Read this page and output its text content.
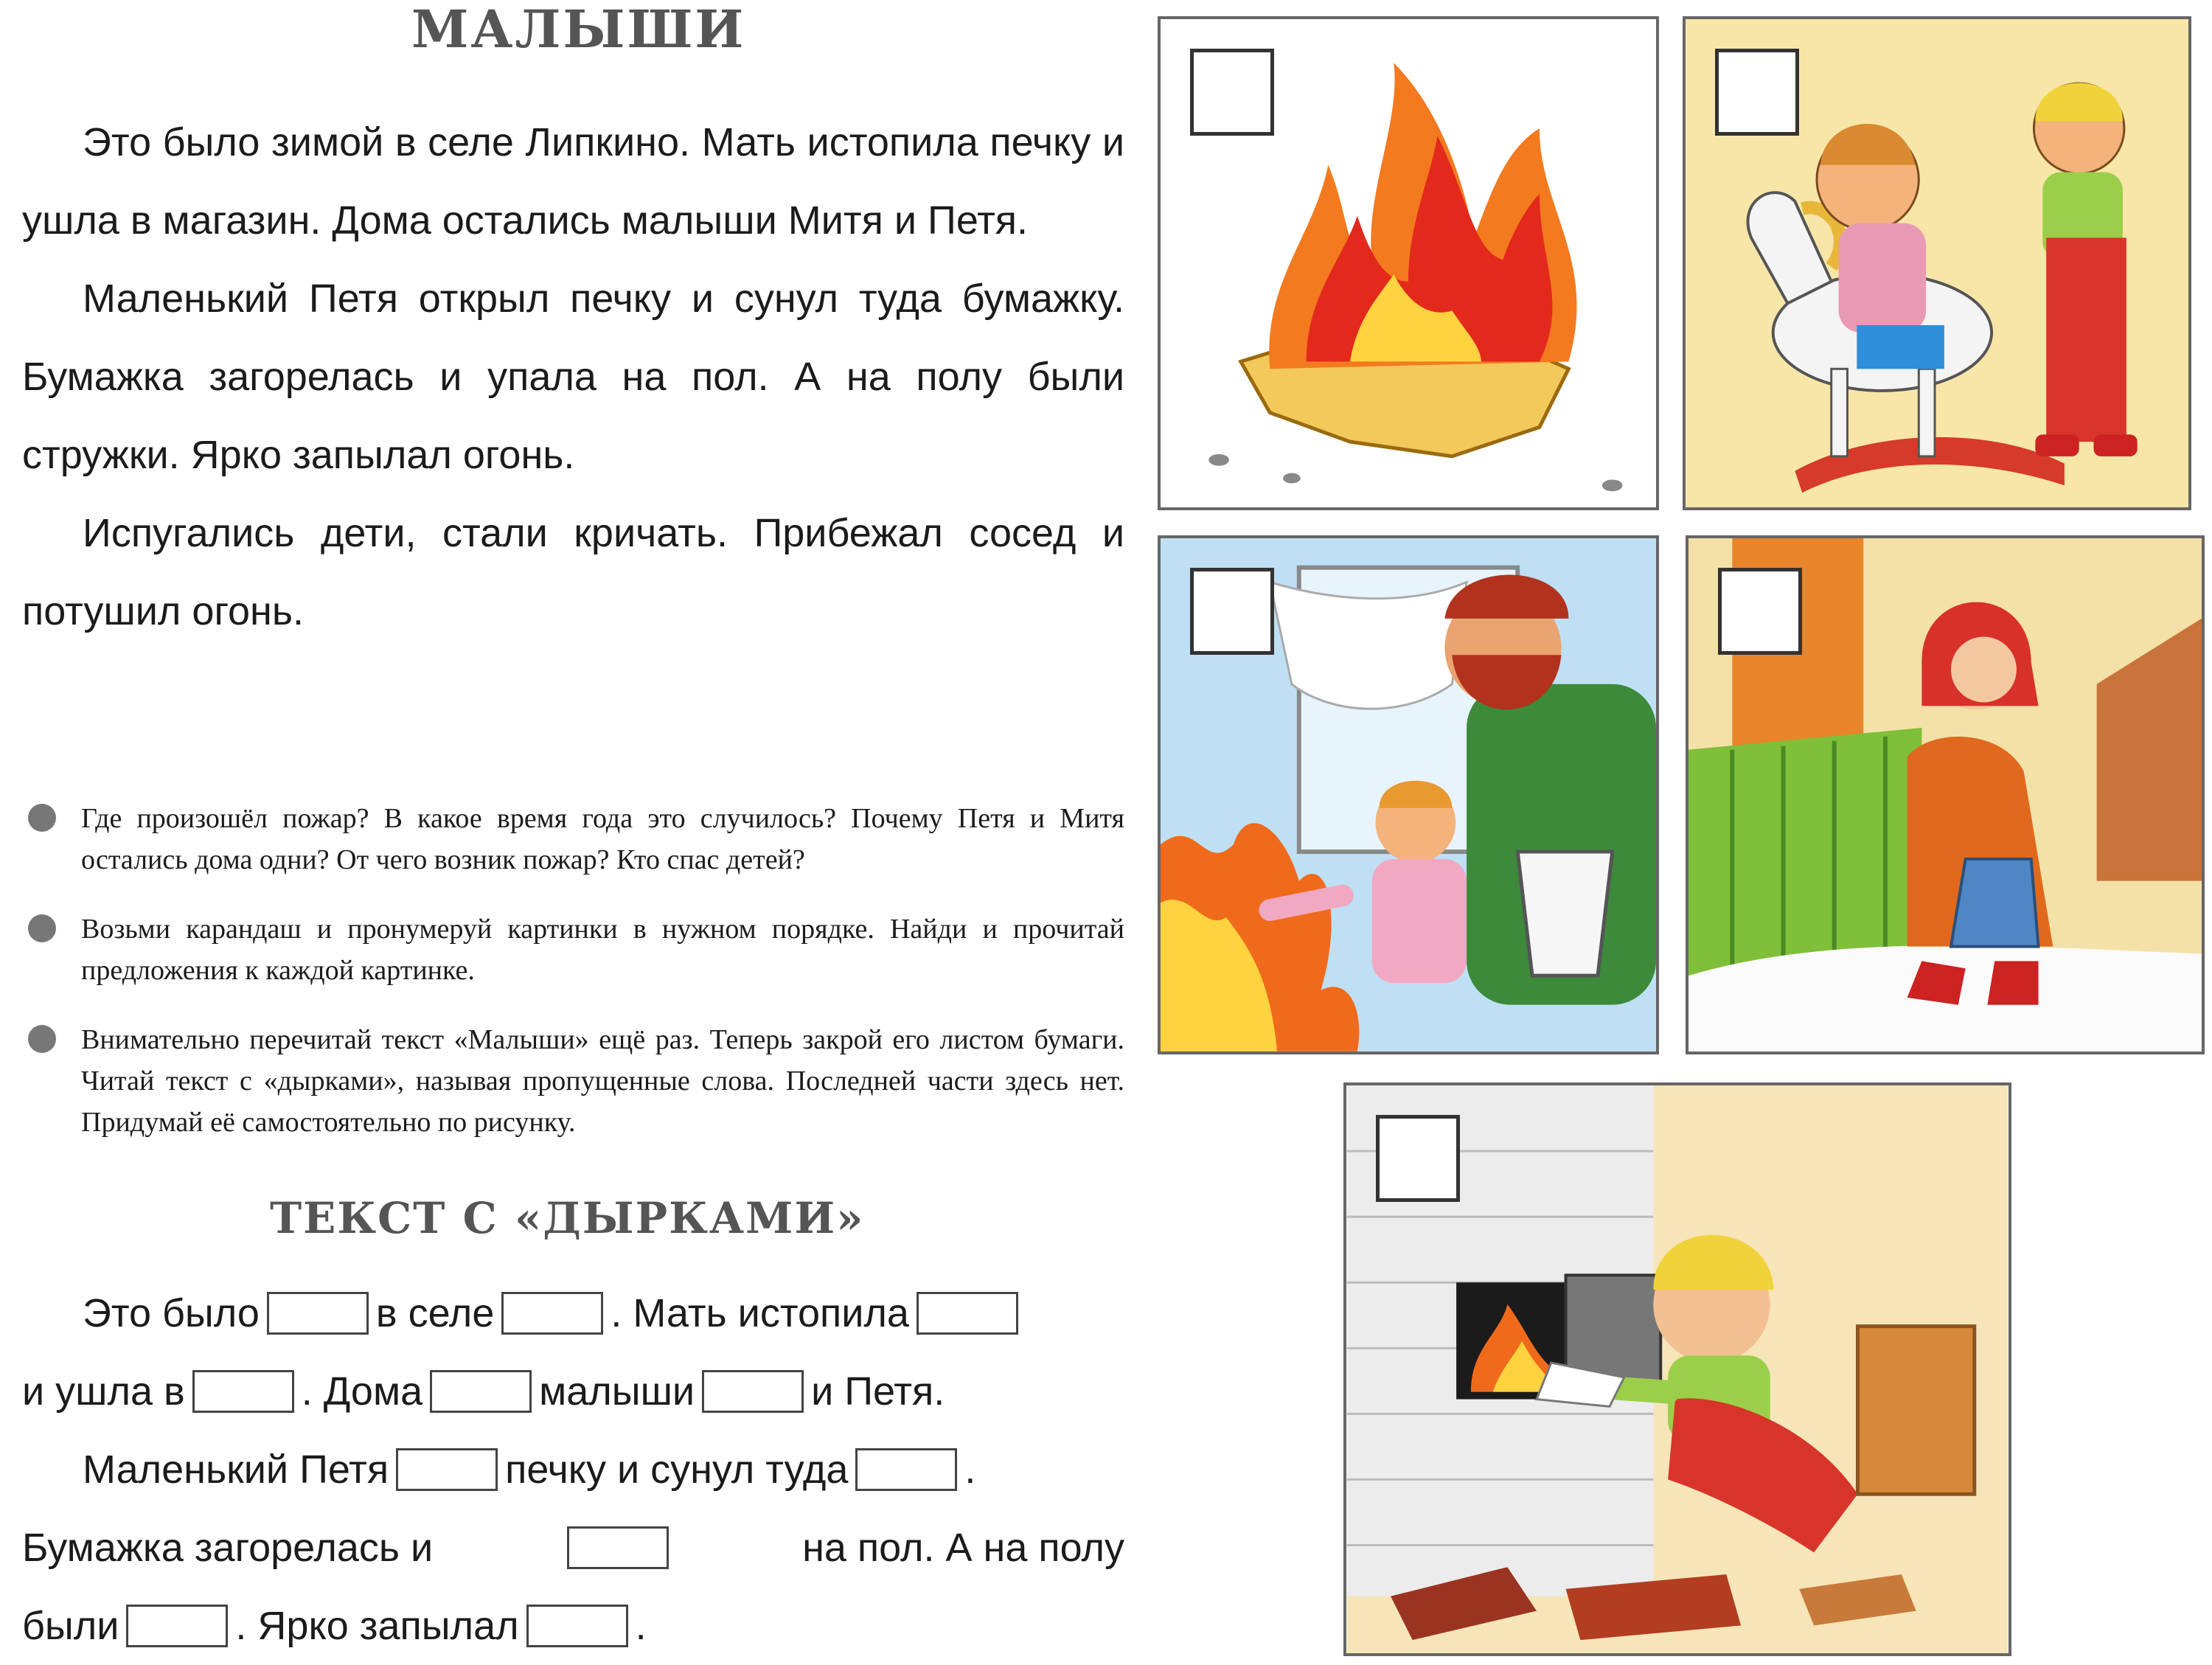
МАЛЫШИ

Это было зимой в селе Липкино. Мать истопила печку и ушла в магазин. Дома остались малыши Митя и Петя.

Маленький Петя открыл печку и сунул туда бумажку. Бумажка загорелась и упала на пол. А на полу были стружки. Ярко запылал огонь.

Испугались дети, стали кричать. Прибежал сосед и потушил огонь.

Где произошёл пожар? В какое время года это случилось? Почему Петя и Митя остались дома одни? От чего возник пожар? Кто спас детей?
Возьми карандаш и пронумеруй картинки в нужном порядке. Найди и прочитай предложения к каждой картинке.
Внимательно перечитай текст «Малыши» ещё раз. Теперь закрой его листом бумаги. Читай текст с «дырками», называя пропущенные слова. Последней части здесь нет. Придумай её самостоятельно по рисунку.
ТЕКСТ С «ДЫРКАМИ»
Это было	в селе	. Мать истопила
и ушла в	. Дома	малыши	и Петя.
Маленький Петя	печку и сунул туда	.
Бумажка загорелась и	на пол. А на полу
были	. Ярко запылал	.
